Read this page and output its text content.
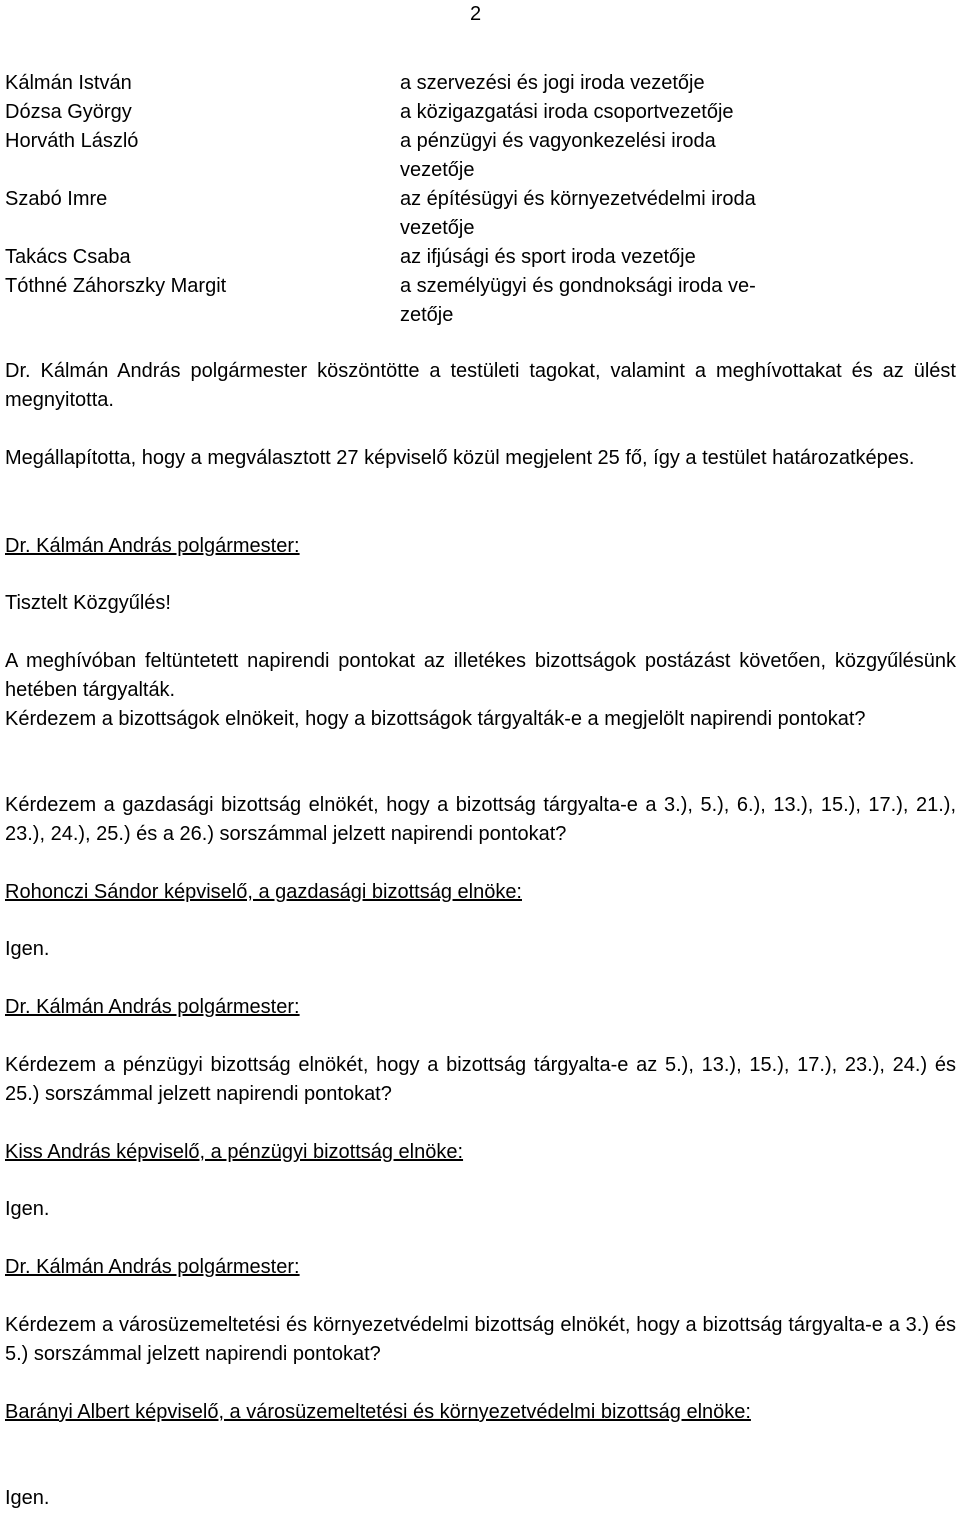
2
Kálmán István	a szervezési és jogi iroda vezetője
Dózsa György	a közigazgatási iroda csoportvezetője
Horváth László	a pénzügyi és vagyonkezelési iroda
vezetője
Szabó Imre	az építésügyi és környezetvédelmi iroda
vezetője
Takács Csaba	az ifjúsági és sport iroda vezetője
Tóthné Záhorszky Margit	a személyügyi és gondnoksági iroda ve-
zetője

Dr. Kálmán András polgármester köszöntötte a testületi tagokat, valamint a meghívottakat és az ülést megnyitotta.

Megállapította, hogy a megválasztott 27 képviselő közül megjelent 25 fő, így a testület határozatképes.

Dr. Kálmán András polgármester:

Tisztelt Közgyűlés!

A meghívóban feltüntetett napirendi pontokat az illetékes bizottságok postázást követően, közgyűlésünk hetében tárgyalták.

Kérdezem a bizottságok elnökeit, hogy a bizottságok tárgyalták-e a megjelölt napirendi pontokat?

Kérdezem a gazdasági bizottság elnökét, hogy a bizottság tárgyalta-e a 3.), 5.), 6.), 13.), 15.), 17.), 21.), 23.), 24.), 25.) és a 26.) sorszámmal jelzett napirendi pontokat?

Rohonczi Sándor képviselő, a gazdasági bizottság elnöke:

Igen.

Dr. Kálmán András polgármester:

Kérdezem a pénzügyi bizottság elnökét, hogy a bizottság tárgyalta-e az 5.), 13.), 15.), 17.), 23.), 24.) és 25.) sorszámmal jelzett napirendi pontokat?

Kiss András képviselő, a pénzügyi bizottság elnöke:

Igen.

Dr. Kálmán András polgármester:

Kérdezem a városüzemeltetési és környezetvédelmi bizottság elnökét, hogy a bizottság tárgyalta-e a 3.) és 5.) sorszámmal jelzett napirendi pontokat?

Barányi Albert képviselő, a városüzemeltetési és környezetvédelmi bizottság elnöke:

Igen.
